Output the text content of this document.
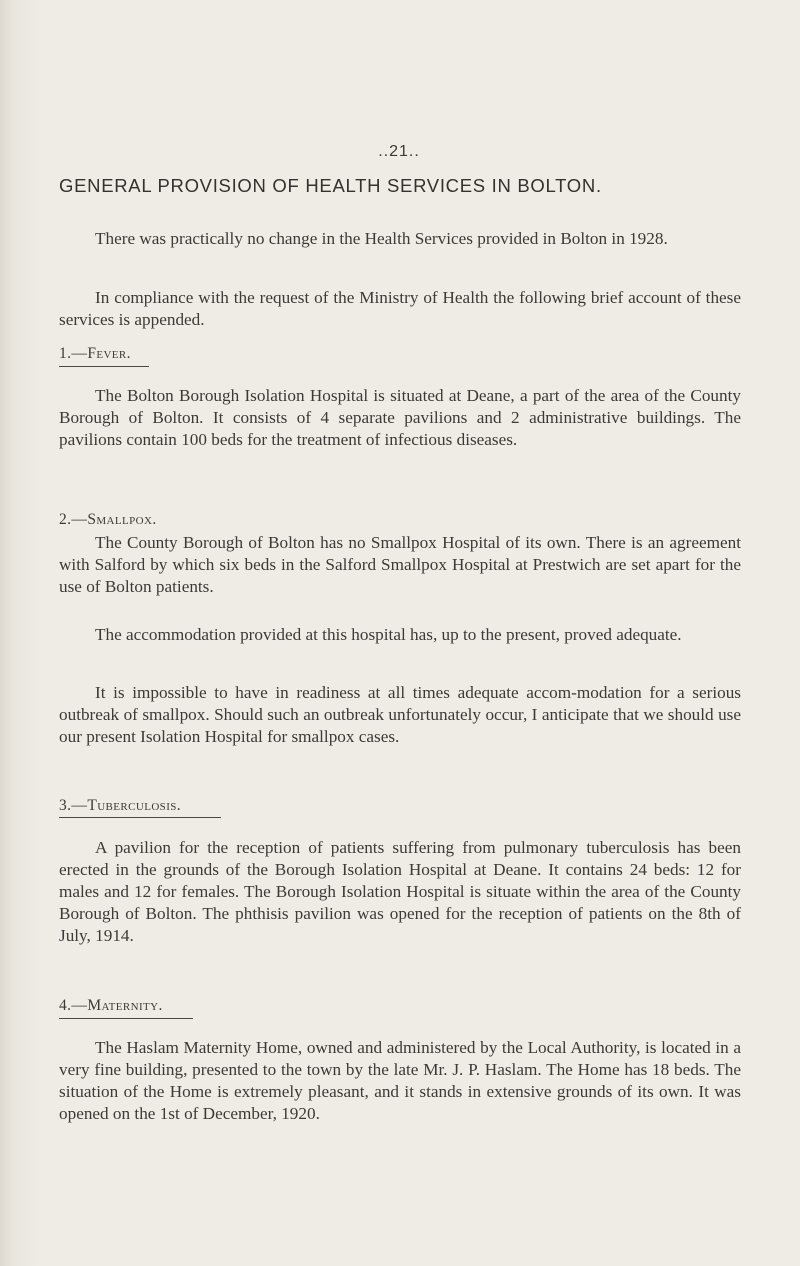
..21..
GENERAL PROVISION OF HEALTH SERVICES IN BOLTON.

There was practically no change in the Health Services provided in Bolton in 1928.

In compliance with the request of the Ministry of Health the following brief account of these services is appended.

1.—Fever.

The Bolton Borough Isolation Hospital is situated at Deane, a part of the area of the County Borough of Bolton. It consists of 4 separate pavilions and 2 administrative buildings. The pavilions contain 100 beds for the treatment of infectious diseases.

2.—Smallpox.

The County Borough of Bolton has no Smallpox Hospital of its own. There is an agreement with Salford by which six beds in the Salford Smallpox Hospital at Prestwich are set apart for the use of Bolton patients.

The accommodation provided at this hospital has, up to the present, proved adequate.

It is impossible to have in readiness at all times adequate accom-modation for a serious outbreak of smallpox. Should such an outbreak unfortunately occur, I anticipate that we should use our present Isolation Hospital for smallpox cases.

3.—Tuberculosis.

A pavilion for the reception of patients suffering from pulmonary tuberculosis has been erected in the grounds of the Borough Isolation Hospital at Deane. It contains 24 beds: 12 for males and 12 for females. The Borough Isolation Hospital is situate within the area of the County Borough of Bolton. The phthisis pavilion was opened for the reception of patients on the 8th of July, 1914.

4.—Maternity.

The Haslam Maternity Home, owned and administered by the Local Authority, is located in a very fine building, presented to the town by the late Mr. J. P. Haslam. The Home has 18 beds. The situation of the Home is extremely pleasant, and it stands in extensive grounds of its own. It was opened on the 1st of December, 1920.
